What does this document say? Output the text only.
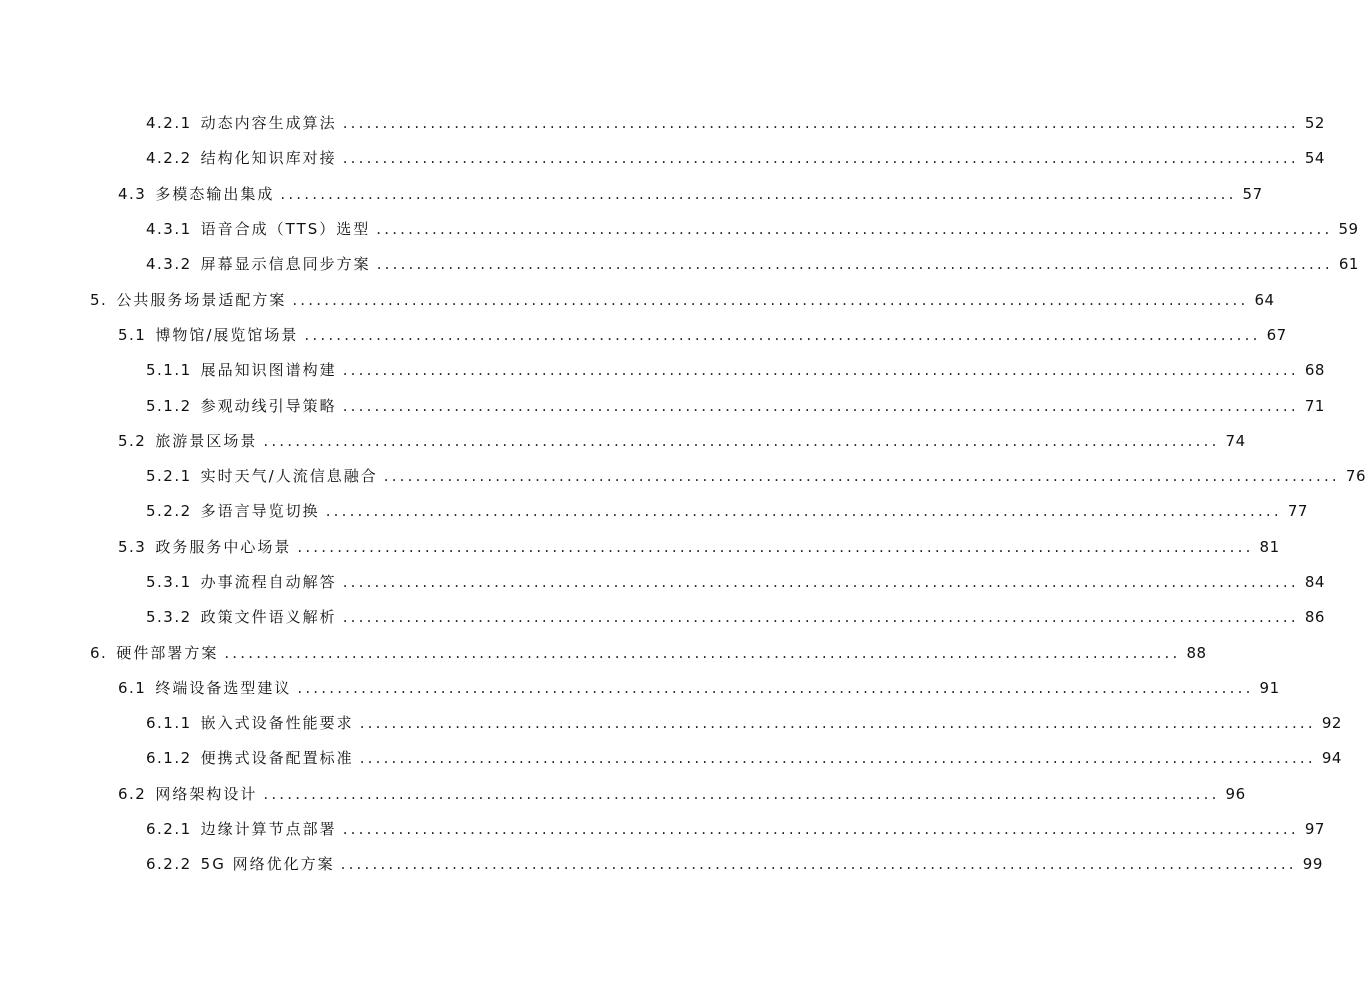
4.2.1 动态内容生成算法 ........................................................................................................................ 52
4.2.2 结构化知识库对接 ........................................................................................................................ 54
4.3 多模态输出集成 ........................................................................................................................ 57
4.3.1 语音合成（TTS）选型 ........................................................................................................................ 59
4.3.2 屏幕显示信息同步方案 ........................................................................................................................ 61
5. 公共服务场景适配方案 ........................................................................................................................ 64
5.1 博物馆/展览馆场景 ........................................................................................................................ 67
5.1.1 展品知识图谱构建 ........................................................................................................................ 68
5.1.2 参观动线引导策略 ........................................................................................................................ 71
5.2 旅游景区场景 ........................................................................................................................ 74
5.2.1 实时天气/人流信息融合 ........................................................................................................................ 76
5.2.2 多语言导览切换 ........................................................................................................................ 77
5.3 政务服务中心场景 ........................................................................................................................ 81
5.3.1 办事流程自动解答 ........................................................................................................................ 84
5.3.2 政策文件语义解析 ........................................................................................................................ 86
6. 硬件部署方案 ........................................................................................................................ 88
6.1 终端设备选型建议 ........................................................................................................................ 91
6.1.1 嵌入式设备性能要求 ........................................................................................................................ 92
6.1.2 便携式设备配置标准 ........................................................................................................................ 94
6.2 网络架构设计 ........................................................................................................................ 96
6.2.1 边缘计算节点部署 ........................................................................................................................ 97
6.2.2 5G 网络优化方案 ........................................................................................................................ 99
